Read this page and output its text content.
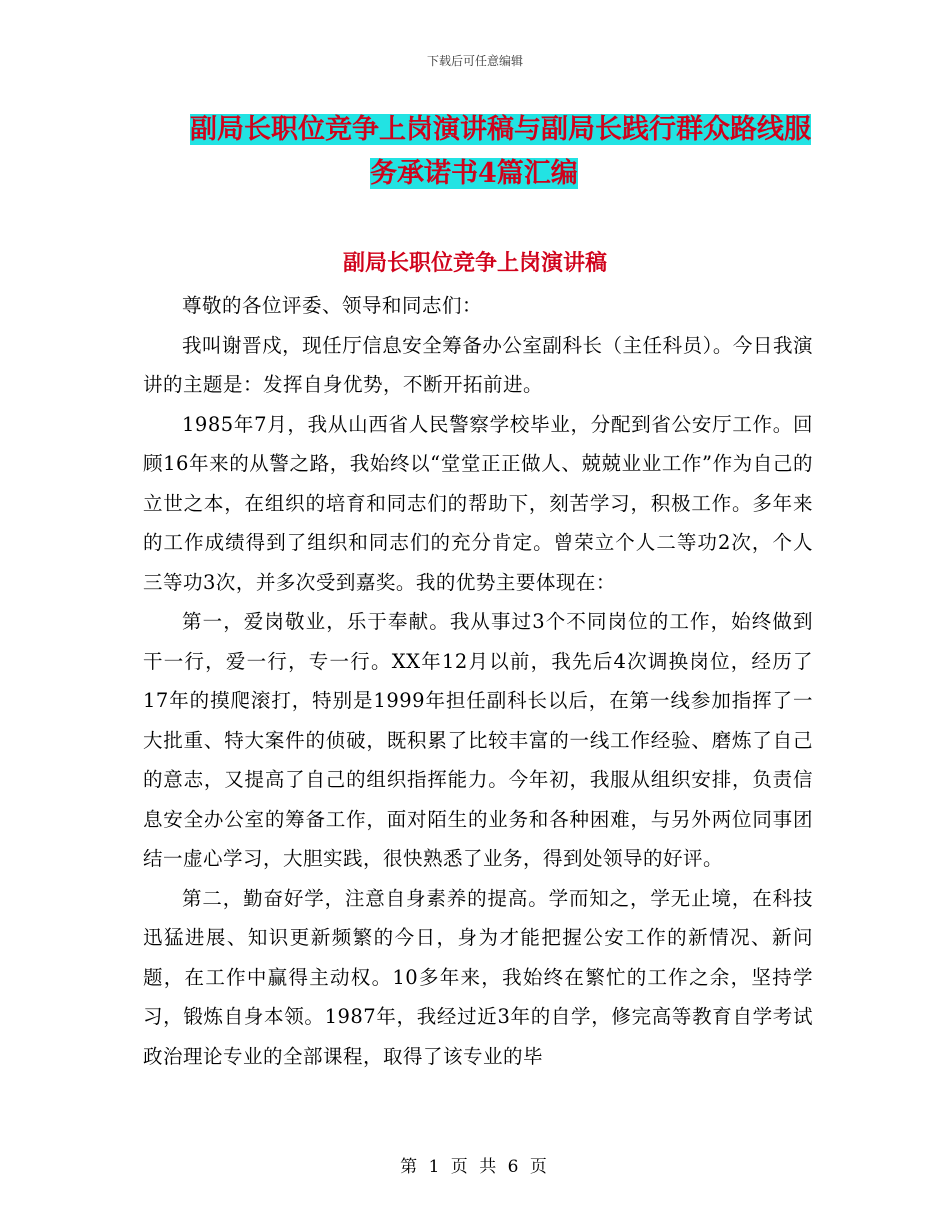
下载后可任意编辑
副局长职位竞争上岗演讲稿与副局长践行群众路线服
务承诺书4篇汇编
副局长职位竞争上岗演讲稿

尊敬的各位评委、领导和同志们：

我叫谢晋戍，现任厅信息安全筹备办公室副科长（主任科员）。今日我演讲的主题是：发挥自身优势，不断开拓前进。

1985年7月，我从山西省人民警察学校毕业，分配到省公安厅工作。回顾16年来的从警之路，我始终以“堂堂正正做人、兢兢业业工作”作为自己的立世之本，在组织的培育和同志们的帮助下，刻苦学习，积极工作。多年来的工作成绩得到了组织和同志们的充分肯定。曾荣立个人二等功2次，个人三等功3次，并多次受到嘉奖。我的优势主要体现在：

第一，爱岗敬业，乐于奉献。我从事过3个不同岗位的工作，始终做到干一行，爱一行，专一行。XX年12月以前，我先后4次调换岗位，经历了17年的摸爬滚打，特别是1999年担任副科长以后，在第一线参加指挥了一大批重、特大案件的侦破，既积累了比较丰富的一线工作经验、磨炼了自己的意志，又提高了自己的组织指挥能力。今年初，我服从组织安排，负责信息安全办公室的筹备工作，面对陌生的业务和各种困难，与另外两位同事团结一虚心学习，大胆实践，很快熟悉了业务，得到处领导的好评。

第二，勤奋好学，注意自身素养的提高。学而知之，学无止境，在科技迅猛进展、知识更新频繁的今日，身为才能把握公安工作的新情况、新问题，在工作中赢得主动权。10多年来，我始终在繁忙的工作之余，坚持学习，锻炼自身本领。1987年，我经过近3年的自学，修完高等教育自学考试政治理论专业的全部课程，取得了该专业的毕

第 1 页 共 6 页
